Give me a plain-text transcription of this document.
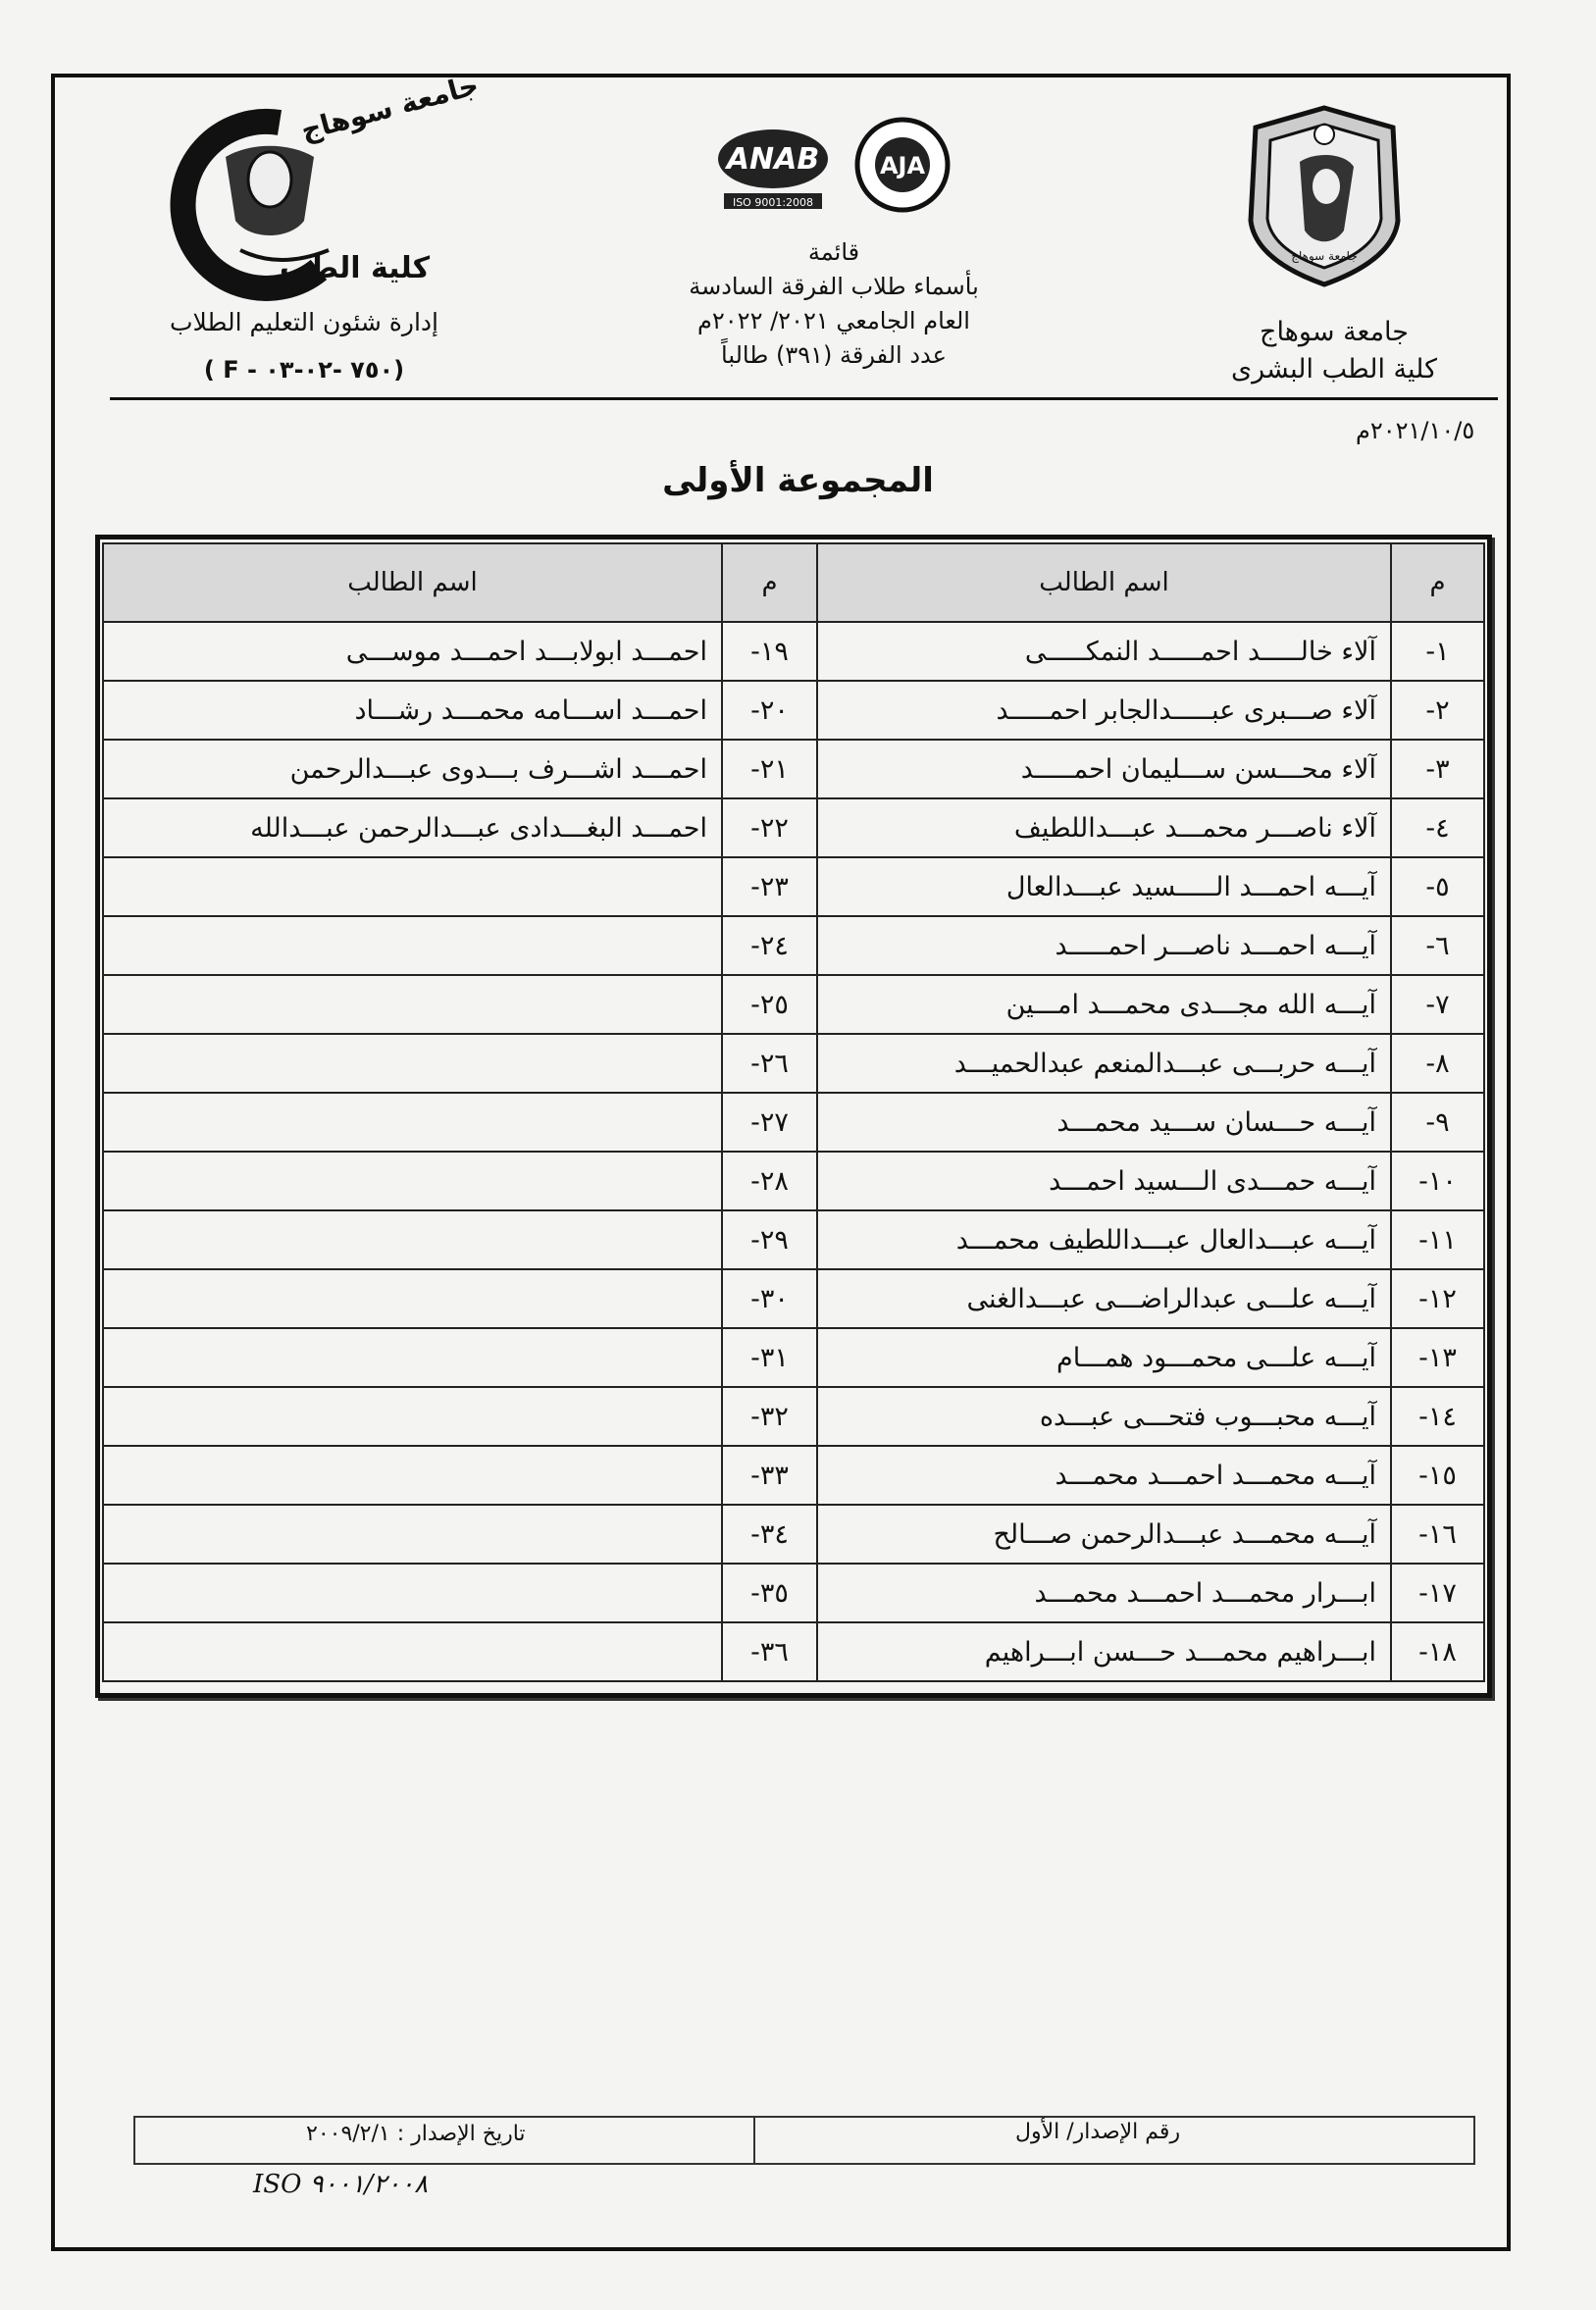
جامعة سوهاج
كلية الطب
ANAB
ISO 9001:2008
AJA
جامعة سوهاج
جامعة سوهاج
كلية الطب البشرى
قائمة
بأسماء طلاب الفرقة السادسة
العام الجامعي ٢٠٢١/ ٢٠٢٢م
عدد الفرقة (٣٩١) طالباً
إدارة شئون التعليم الطلاب
( F - ٧٥٠ -٠٢-٠٣)
٢٠٢١/١٠/٥م
المجموعة الأولى
م	اسم الطالب	م	اسم الطالب
١-	آلاء خالـــــد احمـــــد النمكـــــى	١٩-	احمـــد ابولابـــد احمـــد موســـى
٢-	آلاء صـــبرى عبـــــدالجابر احمـــــد	٢٠-	احمـــد اســـامه محمـــد رشـــاد
٣-	آلاء محـــسن ســـليمان احمـــــد	٢١-	احمـــد اشـــرف بـــدوى عبـــدالرحمن
٤-	آلاء ناصـــر محمـــد عبـــداللطيف	٢٢-	احمـــد البغـــدادى عبـــدالرحمن عبـــدالله
٥-	آيـــه احمـــد الـــــسيد عبـــدالعال	٢٣-	
٦-	آيـــه احمـــد ناصـــر احمـــــد	٢٤-	
٧-	آيـــه الله مجـــدى محمـــد امـــين	٢٥-	
٨-	آيـــه حربـــى عبـــدالمنعم عبدالحميـــد	٢٦-	
٩-	آيـــه حـــسان ســـيد محمـــد	٢٧-	
١٠-	آيـــه حمـــدى الـــسيد احمـــد	٢٨-	
١١-	آيـــه عبـــدالعال عبـــداللطيف محمـــد	٢٩-	
١٢-	آيـــه علـــى عبدالراضـــى عبـــدالغنى	٣٠-	
١٣-	آيـــه علـــى محمـــود همـــام	٣١-	
١٤-	آيـــه محبـــوب فتحـــى عبـــده	٣٢-	
١٥-	آيـــه محمـــد احمـــد محمـــد	٣٣-	
١٦-	آيـــه محمـــد عبـــدالرحمن صـــالح	٣٤-	
١٧-	ابـــرار محمـــد احمـــد محمـــد	٣٥-	
١٨-	ابـــراهيم محمـــد حـــسن ابـــراهيم	٣٦-	
رقم الإصدار/ الأول
تاريخ الإصدار : ٢٠٠٩/٢/١
ISO ٩٠٠١/٢٠٠٨
